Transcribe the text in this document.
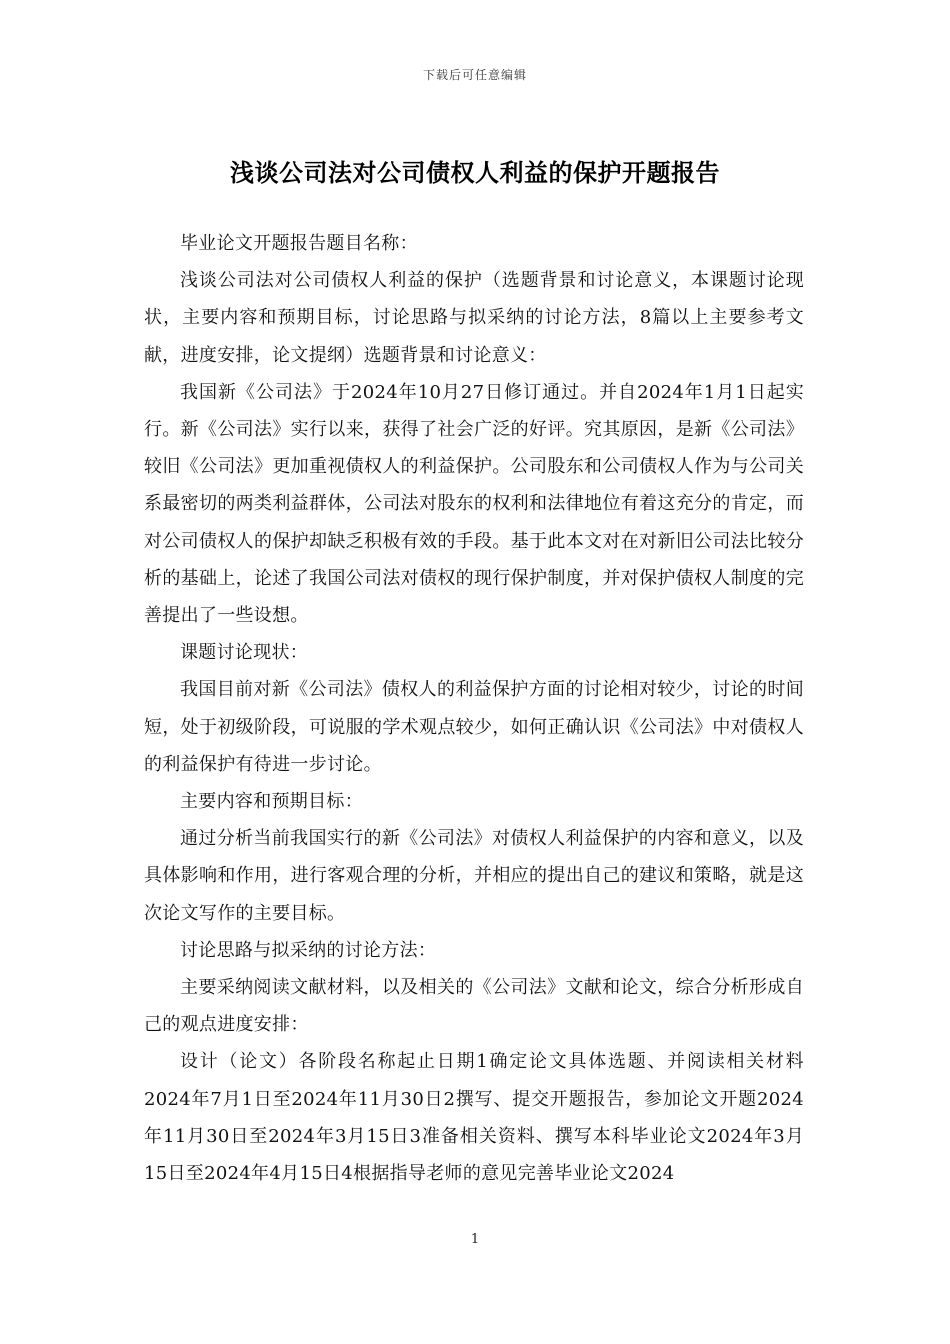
下载后可任意编辑
浅谈公司法对公司债权人利益的保护开题报告

毕业论文开题报告题目名称：

浅谈公司法对公司债权人利益的保护（选题背景和讨论意义，本课题讨论现状，主要内容和预期目标，讨论思路与拟采纳的讨论方法，8篇以上主要参考文献，进度安排，论文提纲）选题背景和讨论意义：

我国新《公司法》于2024年10月27日修订通过。并自2024年1月1日起实行。新《公司法》实行以来，获得了社会广泛的好评。究其原因，是新《公司法》较旧《公司法》更加重视债权人的利益保护。公司股东和公司债权人作为与公司关系最密切的两类利益群体，公司法对股东的权利和法律地位有着这充分的肯定，而对公司债权人的保护却缺乏积极有效的手段。基于此本文对在对新旧公司法比较分析的基础上，论述了我国公司法对债权的现行保护制度，并对保护债权人制度的完善提出了一些设想。

课题讨论现状：

我国目前对新《公司法》债权人的利益保护方面的讨论相对较少，讨论的时间短，处于初级阶段，可说服的学术观点较少，如何正确认识《公司法》中对债权人的利益保护有待进一步讨论。

主要内容和预期目标：

通过分析当前我国实行的新《公司法》对债权人利益保护的内容和意义，以及具体影响和作用，进行客观合理的分析，并相应的提出自己的建议和策略，就是这次论文写作的主要目标。

讨论思路与拟采纳的讨论方法：

主要采纳阅读文献材料，以及相关的《公司法》文献和论文，综合分析形成自己的观点进度安排：

设计（论文）各阶段名称起止日期1确定论文具体选题、并阅读相关材料2024年7月1日至2024年11月30日2撰写、提交开题报告，参加论文开题2024年11月30日至2024年3月15日3准备相关资料、撰写本科毕业论文2024年3月15日至2024年4月15日4根据指导老师的意见完善毕业论文2024

1
